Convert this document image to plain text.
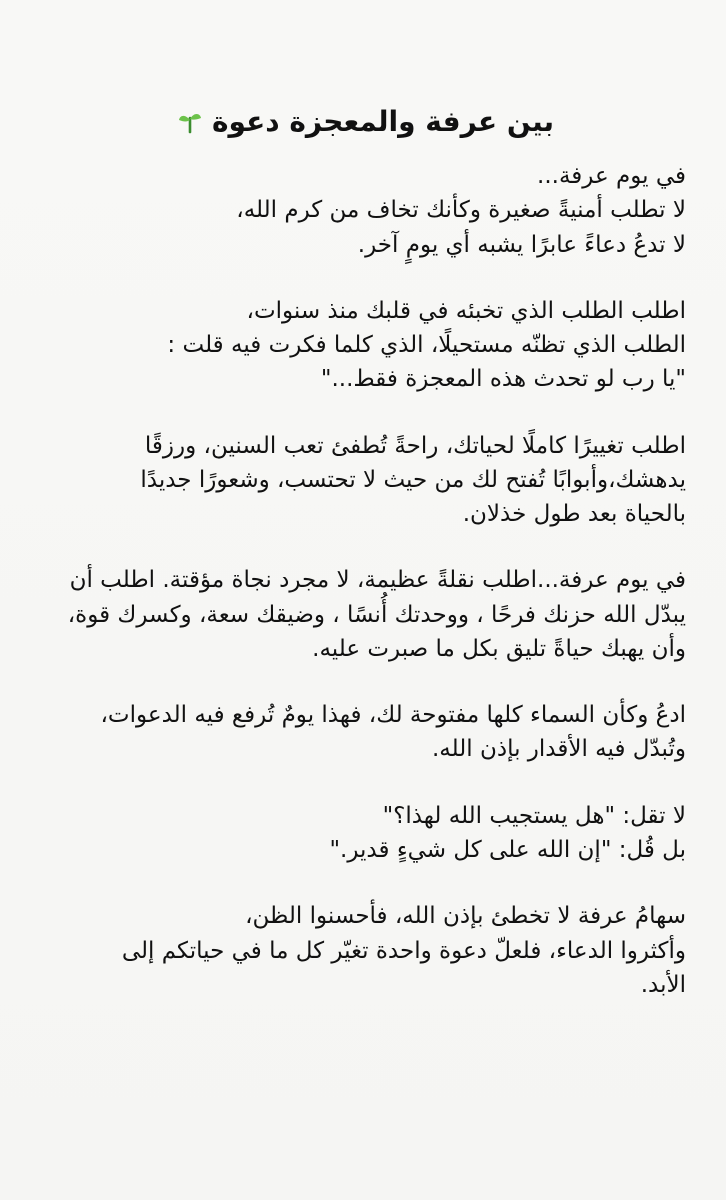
بين عرفة والمعجزة دعوة
في يوم عرفة...
لا تطلب أمنيةً صغيرة وكأنك تخاف من كرم الله،
لا تدعُ دعاءً عابرًا يشبه أي يومٍ آخر.
اطلب الطلب الذي تخبئه في قلبك منذ سنوات،
الطلب الذي تظنّه مستحيلًا، الذي كلما فكرت فيه قلت :
"يا رب لو تحدث هذه المعجزة فقط..."
اطلب تغييرًا كاملًا لحياتك، راحةً تُطفئ تعب السنين، ورزقًا
يدهشك،وأبوابًا تُفتح لك من حيث لا تحتسب، وشعورًا جديدًا
بالحياة بعد طول خذلان.
في يوم عرفة...اطلب نقلةً عظيمة، لا مجرد نجاة مؤقتة. اطلب أن
يبدّل الله حزنك فرحًا ، ووحدتك أُنسًا ، وضيقك سعة، وكسرك قوة،
وأن يهبك حياةً تليق بكل ما صبرت عليه.
ادعُ وكأن السماء كلها مفتوحة لك، فهذا يومٌ تُرفع فيه الدعوات،
وتُبدّل فيه الأقدار بإذن الله.
لا تقل: "هل يستجيب الله لهذا؟"
بل قُل: "إن الله على كل شيءٍ قدير."
سهامُ عرفة لا تخطئ بإذن الله، فأحسنوا الظن،
وأكثروا الدعاء، فلعلّ دعوة واحدة تغيّر كل ما في حياتكم إلى
الأبد.
